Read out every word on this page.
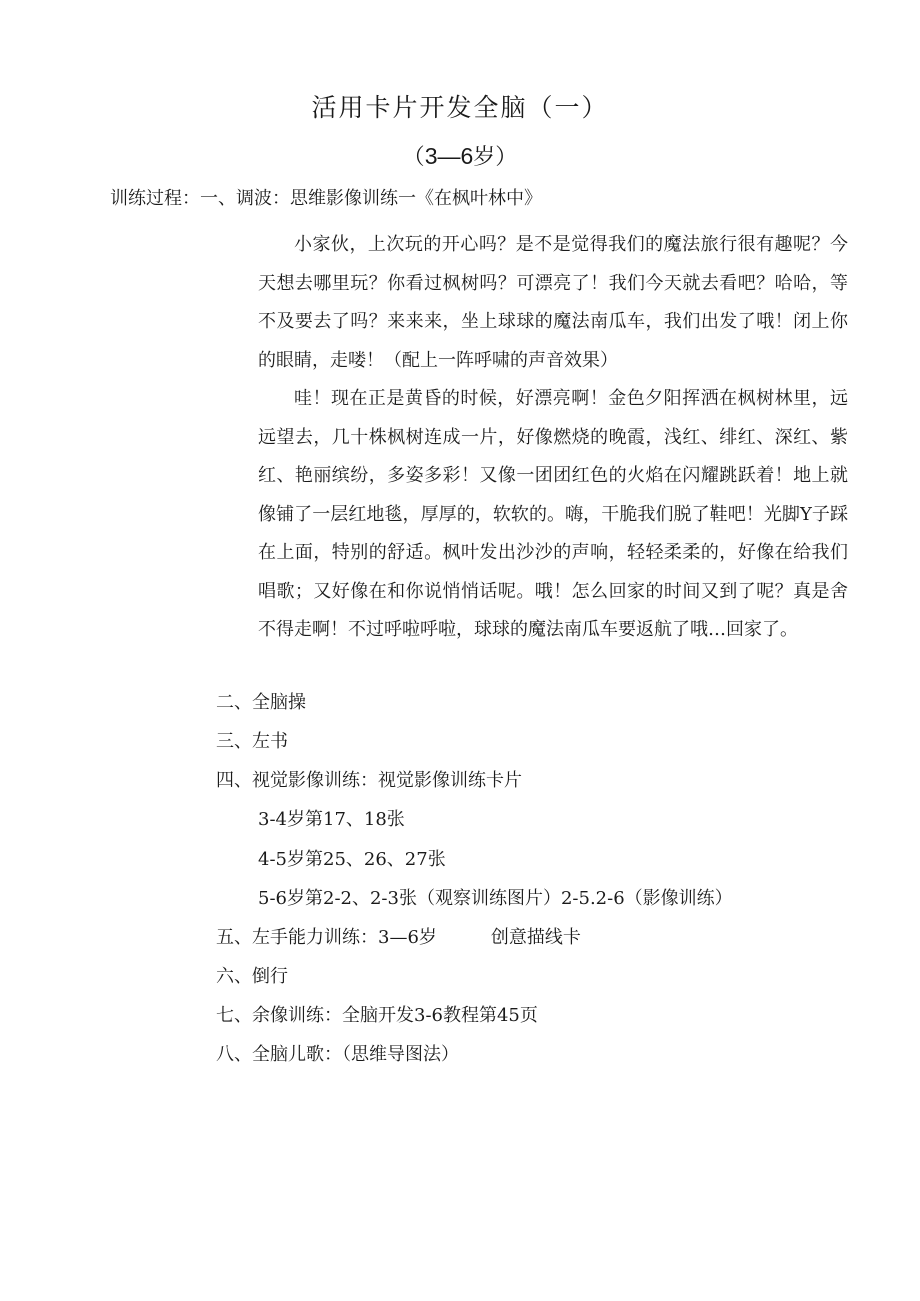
活用卡片开发全脑（一）
（3—6岁）
训练过程：一、调波：思维影像训练一《在枫叶林中》

小家伙，上次玩的开心吗？是不是觉得我们的魔法旅行很有趣呢？今天想去哪里玩？你看过枫树吗？可漂亮了！我们今天就去看吧？哈哈，等不及要去了吗？来来来，坐上球球的魔法南瓜车，我们出发了哦！闭上你的眼睛，走喽！（配上一阵呼啸的声音效果）

哇！现在正是黄昏的时候，好漂亮啊！金色夕阳挥洒在枫树林里，远远望去，几十株枫树连成一片，好像燃烧的晚霞，浅红、绯红、深红、紫红、艳丽缤纷，多姿多彩！又像一团团红色的火焰在闪耀跳跃着！地上就像铺了一层红地毯，厚厚的，软软的。嗨，干脆我们脱了鞋吧！光脚Y子踩在上面，特别的舒适。枫叶发出沙沙的声响，轻轻柔柔的，好像在给我们唱歌；又好像在和你说悄悄话呢。哦！怎么回家的时间又到了呢？真是舍不得走啊！不过呼啦呼啦，球球的魔法南瓜车要返航了哦…回家了。

二、全脑操
三、左书
四、视觉影像训练：视觉影像训练卡片
3-4岁第17、18张
4-5岁第25、26、27张
5-6岁第2-2、2-3张（观察训练图片）2-5.2-6（影像训练）
五、左手能力训练：3—6岁	创意描线卡
六、倒行
七、余像训练：全脑开发3-6教程第45页
八、全脑儿歌：（思维导图法）
